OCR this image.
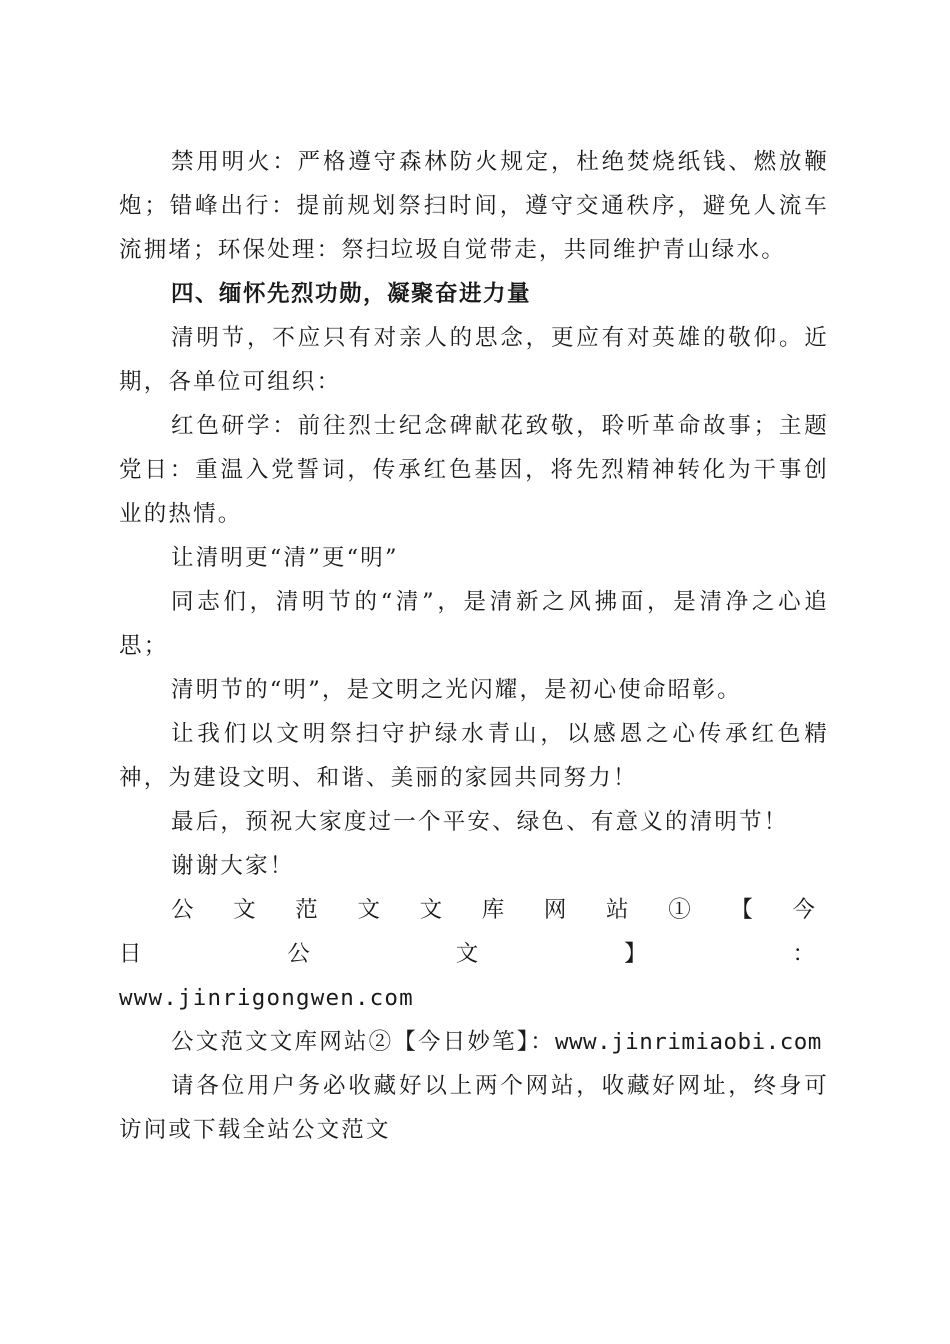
禁用明火：严格遵守森林防火规定，杜绝焚烧纸钱、燃放鞭炮；错峰出行：提前规划祭扫时间，遵守交通秩序，避免人流车流拥堵；环保处理：祭扫垃圾自觉带走，共同维护青山绿水。

四、缅怀先烈功勋，凝聚奋进力量

清明节，不应只有对亲人的思念，更应有对英雄的敬仰。近期，各单位可组织：

红色研学：前往烈士纪念碑献花致敬，聆听革命故事；主题党日：重温入党誓词，传承红色基因，将先烈精神转化为干事创业的热情。

让清明更“清”更“明”

同志们，清明节的“清”，是清新之风拂面，是清净之心追思；

清明节的“明”，是文明之光闪耀，是初心使命昭彰。

让我们以文明祭扫守护绿水青山，以感恩之心传承红色精神，为建设文明、和谐、美丽的家园共同努力！

最后，预祝大家度过一个平安、绿色、有意义的清明节！

谢谢大家！

公 文 范 文 文 库 网 站 ① 【 今 日 公 文 】 ：

www.jinrigongwen.com

公文范文文库网站②【今日妙笔】：www.jinrimiaobi.com

请各位用户务必收藏好以上两个网站，收藏好网址，终身可访问或下载全站公文范文
